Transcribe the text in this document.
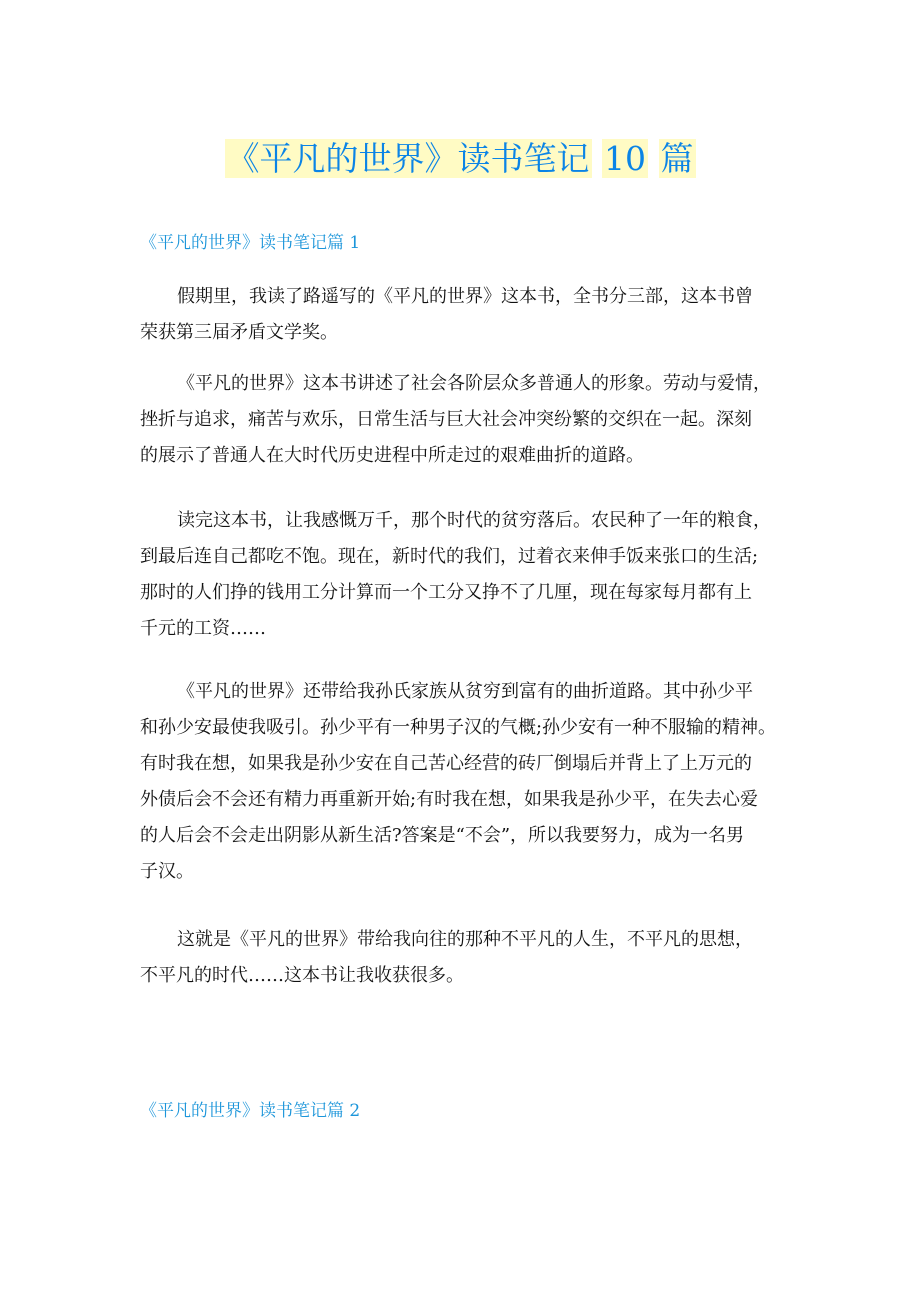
《平凡的世界》读书笔记 10 篇
《平凡的世界》读书笔记篇 1
假期里，我读了路遥写的《平凡的世界》这本书，全书分三部，这本书曾
荣获第三届矛盾文学奖。
《平凡的世界》这本书讲述了社会各阶层众多普通人的形象。劳动与爱情，
挫折与追求，痛苦与欢乐，日常生活与巨大社会冲突纷繁的交织在一起。深刻
的展示了普通人在大时代历史进程中所走过的艰难曲折的道路。
读完这本书，让我感慨万千，那个时代的贫穷落后。农民种了一年的粮食，
到最后连自己都吃不饱。现在，新时代的我们，过着衣来伸手饭来张口的生活;
那时的人们挣的钱用工分计算而一个工分又挣不了几厘，现在每家每月都有上
千元的工资……
《平凡的世界》还带给我孙氏家族从贫穷到富有的曲折道路。其中孙少平
和孙少安最使我吸引。孙少平有一种男子汉的气概;孙少安有一种不服输的精神。
有时我在想，如果我是孙少安在自己苦心经营的砖厂倒塌后并背上了上万元的
外债后会不会还有精力再重新开始;有时我在想，如果我是孙少平，在失去心爱
的人后会不会走出阴影从新生活?答案是“不会”，所以我要努力，成为一名男
子汉。
这就是《平凡的世界》带给我向往的那种不平凡的人生，不平凡的思想，
不平凡的时代……这本书让我收获很多。
《平凡的世界》读书笔记篇 2
